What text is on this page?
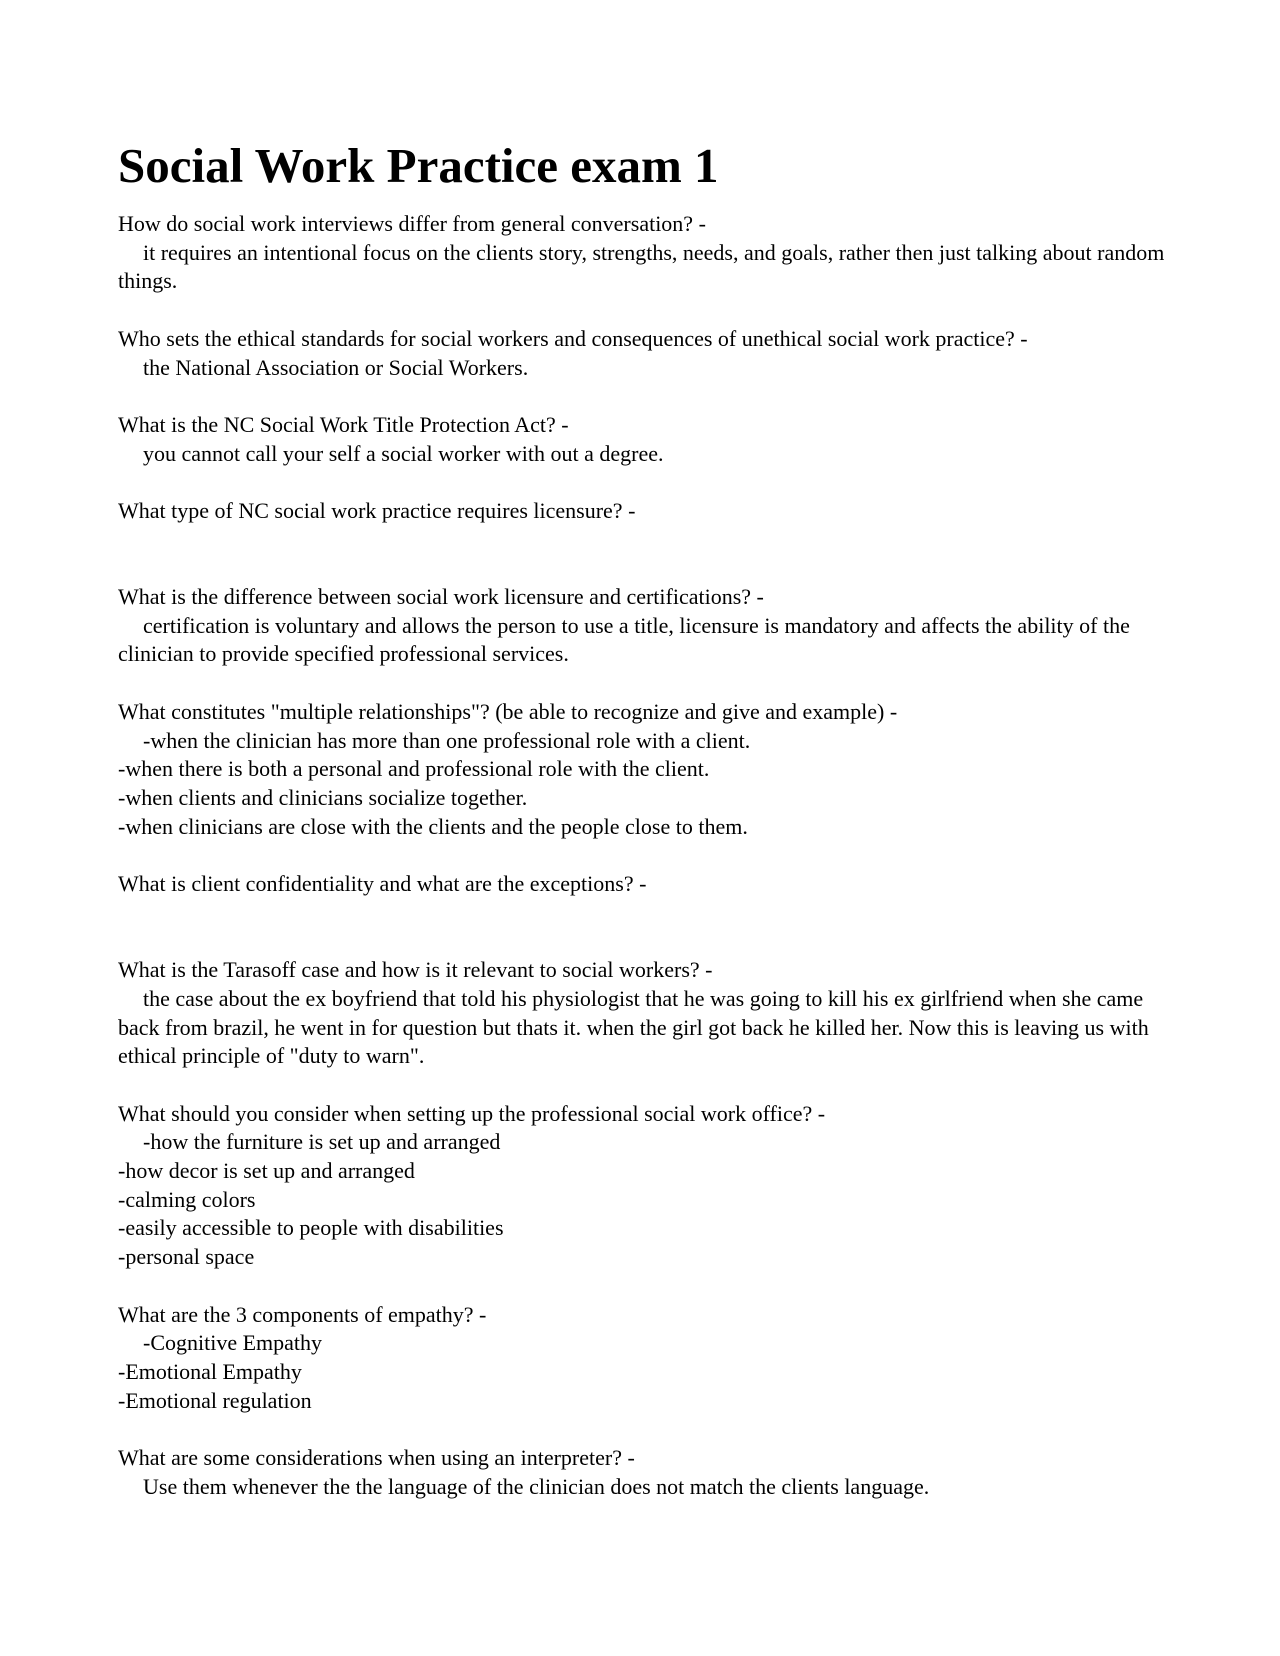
Social Work Practice exam 1
How do social work interviews differ from general conversation? -
it requires an intentional focus on the clients story, strengths, needs, and goals, rather then just talking about random things.
Who sets the ethical standards for social workers and consequences of unethical social work practice? -
the National Association or Social Workers.
What is the NC Social Work Title Protection Act? -
you cannot call your self a social worker with out a degree.
What type of NC social work practice requires licensure? -
What is the difference between social work licensure and certifications? -
certification is voluntary and allows the person to use a title, licensure is mandatory and affects the ability of the clinician to provide specified professional services.
What constitutes "multiple relationships"? (be able to recognize and give and example) -
-when the clinician has more than one professional role with a client.
-when there is both a personal and professional role with the client.
-when clients and clinicians socialize together.
-when clinicians are close with the clients and the people close to them.
What is client confidentiality and what are the exceptions? -
What is the Tarasoff case and how is it relevant to social workers? -
the case about the ex boyfriend that told his physiologist that he was going to kill his ex girlfriend when she came back from brazil, he went in for question but thats it. when the girl got back he killed her. Now this is leaving us with ethical principle of "duty to warn".
What should you consider when setting up the professional social work office? -
-how the furniture is set up and arranged
-how decor is set up and arranged
-calming colors
-easily accessible to people with disabilities
-personal space
What are the 3 components of empathy? -
-Cognitive Empathy
-Emotional Empathy
-Emotional regulation
What are some considerations when using an interpreter? -
Use them whenever the the language of the clinician does not match the clients language.
